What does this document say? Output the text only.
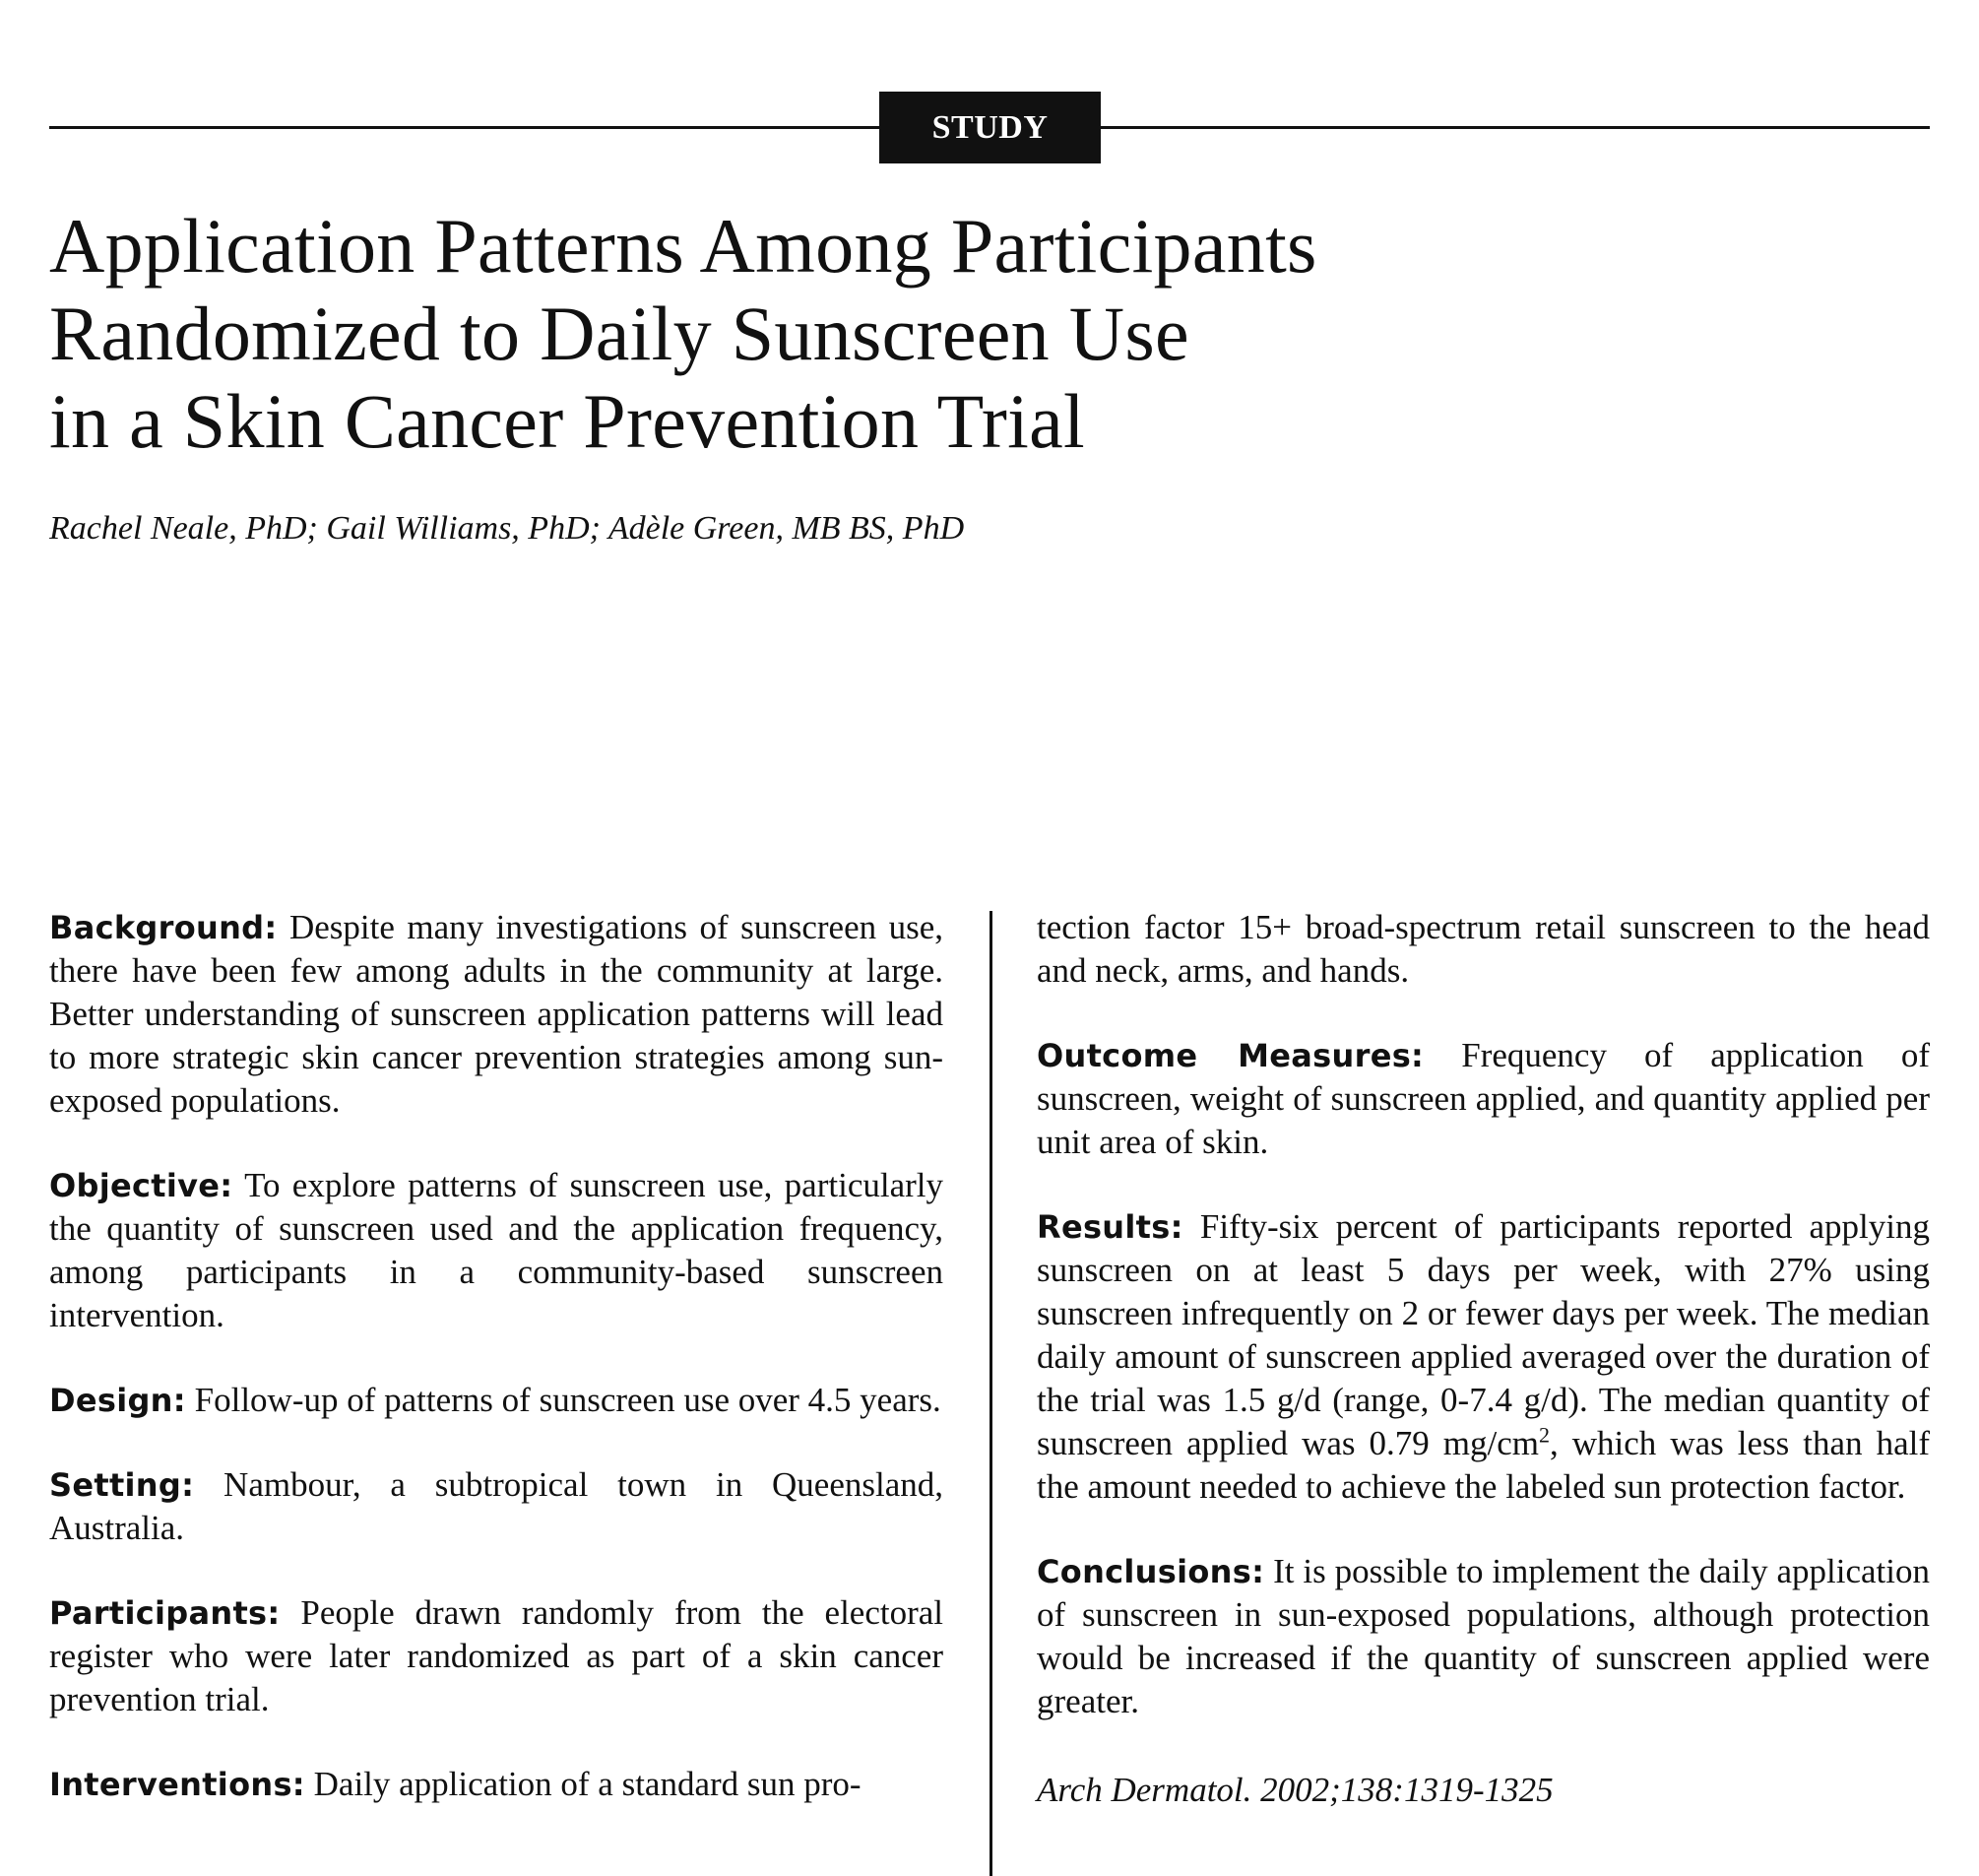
STUDY
Application Patterns Among Participants
Randomized to Daily Sunscreen Use
in a Skin Cancer Prevention Trial
Rachel Neale, PhD; Gail Williams, PhD; Adèle Green, MB BS, PhD

Background: Despite many investigations of sunscreen use, there have been few among adults in the community at large. Better understanding of sunscreen application patterns will lead to more strategic skin cancer prevention strategies among sun-exposed populations.

Objective: To explore patterns of sunscreen use, particularly the quantity of sunscreen used and the application frequency, among participants in a community-based sunscreen intervention.

Design: Follow-up of patterns of sunscreen use over 4.5 years.

Setting: Nambour, a subtropical town in Queensland, Australia.

Participants: People drawn randomly from the electoral register who were later randomized as part of a skin cancer prevention trial.

Interventions: Daily application of a standard sun pro-

tection factor 15+ broad-spectrum retail sunscreen to the head and neck, arms, and hands.

Outcome Measures: Frequency of application of sunscreen, weight of sunscreen applied, and quantity applied per unit area of skin.

Results: Fifty-six percent of participants reported applying sunscreen on at least 5 days per week, with 27% using sunscreen infrequently on 2 or fewer days per week. The median daily amount of sunscreen applied averaged over the duration of the trial was 1.5 g/d (range, 0-7.4 g/d). The median quantity of sunscreen applied was 0.79 $mg/cm^2$, which was less than half the amount needed to achieve the labeled sun protection factor.

Conclusions: It is possible to implement the daily application of sunscreen in sun-exposed populations, although protection would be increased if the quantity of sunscreen applied were greater.

Arch Dermatol. 2002;138:1319-1325
